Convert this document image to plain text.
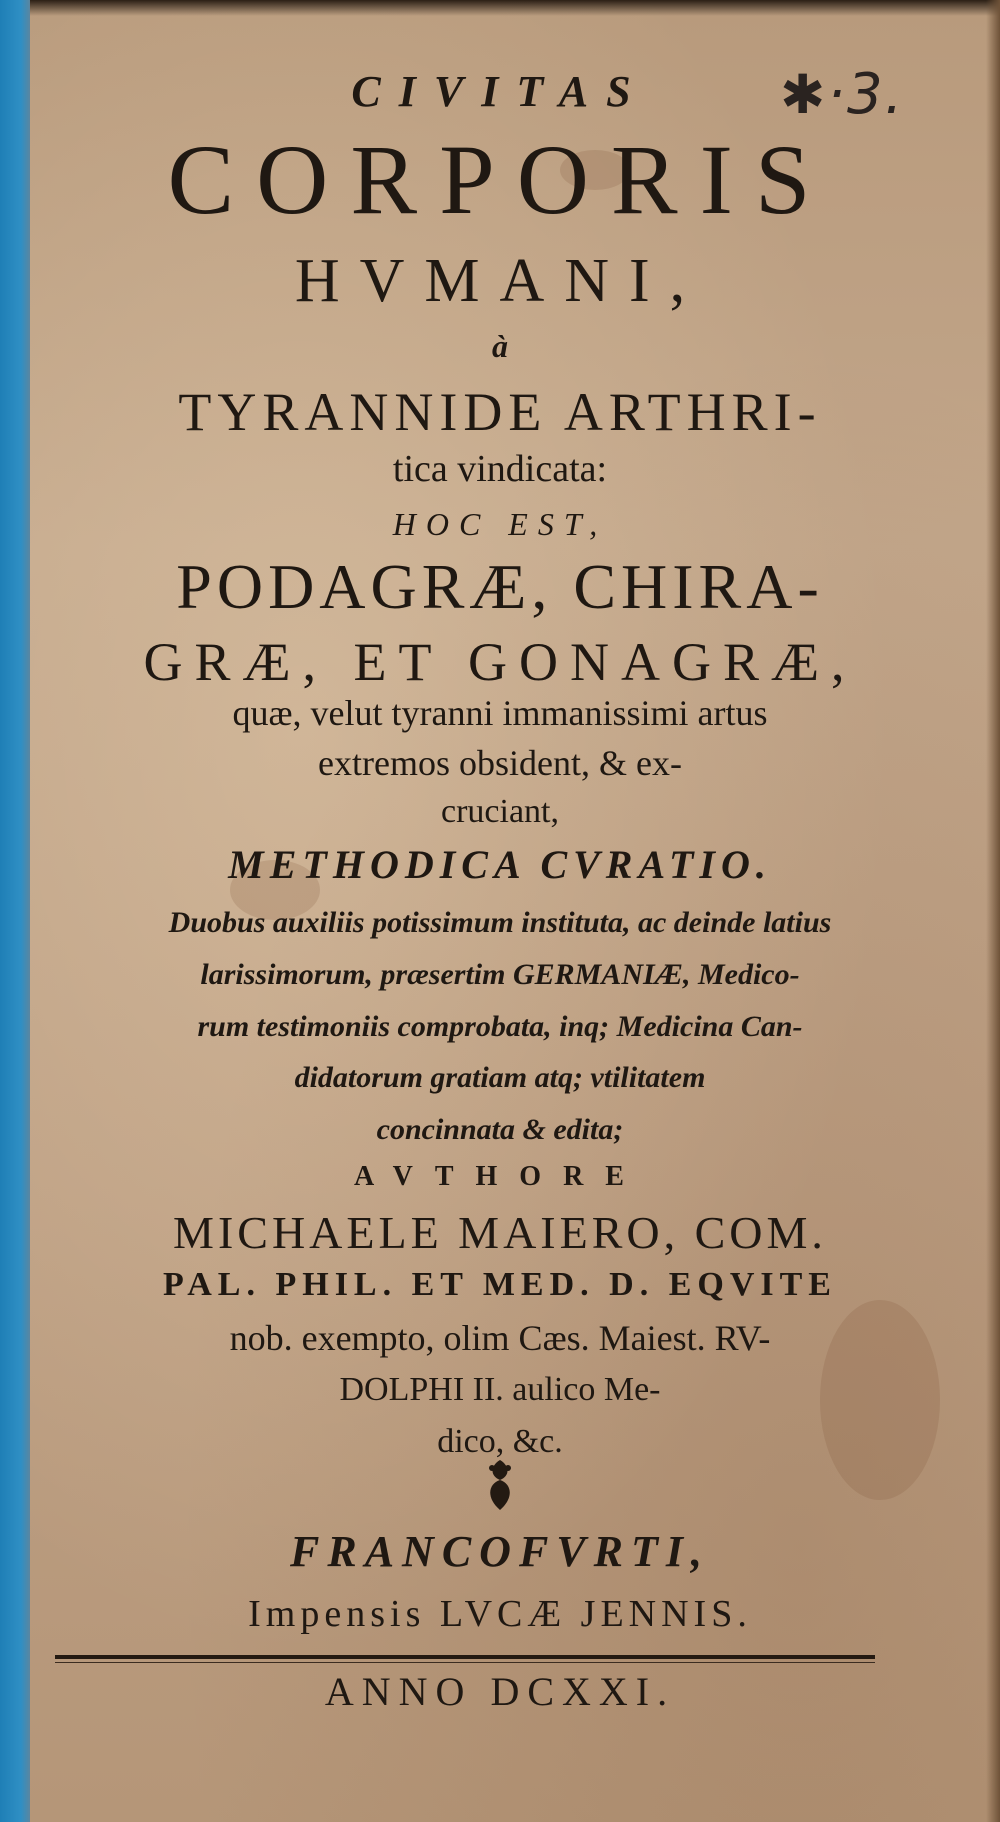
✱·3.
CIVITAS
CORPORIS
HVMANI,
à
TYRANNIDE ARTHRI-
tica vindicata:
HOC EST,
PODAGRÆ, CHIRA-
GRÆ, ET GONAGRÆ,
quæ, velut tyranni immanissimi artus
extremos obsident, & ex-
cruciant,
METHODICA CVRATIO.
Duobus auxiliis potissimum instituta, ac deinde latius
larissimorum, præsertim GERMANIÆ, Medico-
rum testimoniis comprobata, inq; Medicina Can-
didatorum gratiam atq; vtilitatem
concinnata & edita;
AVTHORE
MICHAELE MAIERO, COM.
PAL. PHIL. ET MED. D. EQVITE
nob. exempto, olim Cæs. Maiest. RV-
DOLPHI II. aulico Me-
dico, &c.
FRANCOFVRTI,
Impensis LVCÆ JENNIS.
ANNO DCXXI.
